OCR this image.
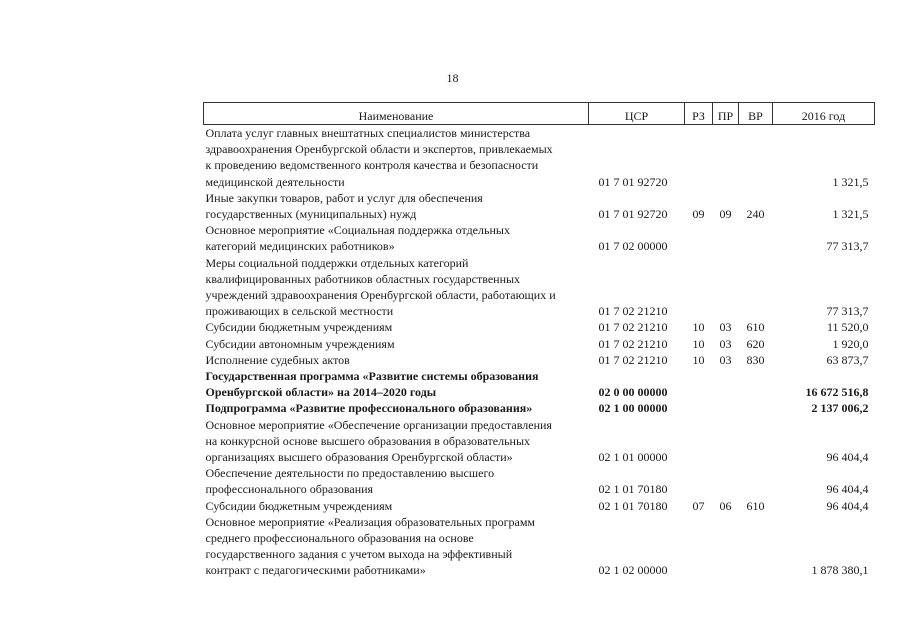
18
Наименование	ЦСР	РЗ	ПР	ВР	2016 год

Оплата услуг главных внештатных специалистов министерства
здравоохранения Оренбургской области и экспертов, привлекаемых
к проведению ведомственного контроля качества и безопасности
медицинской деятельности	01 7 01 92720				1 321,5

Иные закупки товаров, работ и услуг для обеспечения
государственных (муниципальных) нужд	01 7 01 92720	09	09	240	1 321,5

Основное мероприятие «Социальная поддержка отдельных
категорий медицинских работников»	01 7 02 00000				77 313,7

Меры социальной поддержки отдельных категорий
квалифицированных работников областных государственных
учреждений здравоохранения Оренбургской области, работающих и
проживающих в сельской местности	01 7 02 21210				77 313,7

Субсидии бюджетным учреждениям	01 7 02 21210	10	03	610	11 520,0

Субсидии автономным учреждениям	01 7 02 21210	10	03	620	1 920,0

Исполнение судебных актов	01 7 02 21210	10	03	830	63 873,7

Государственная программа «Развитие системы образования
Оренбургской области» на 2014–2020 годы	02 0 00 00000				16 672 516,8

Подпрограмма «Развитие профессионального образования»	02 1 00 00000				2 137 006,2

Основное мероприятие «Обеспечение организации предоставления
на конкурсной основе высшего образования в образовательных
организациях высшего образования Оренбургской области»	02 1 01 00000				96 404,4

Обеспечение деятельности по предоставлению высшего
профессионального образования	02 1 01 70180				96 404,4

Субсидии бюджетным учреждениям	02 1 01 70180	07	06	610	96 404,4

Основное мероприятие «Реализация образовательных программ
среднего профессионального образования на основе
государственного задания с учетом выхода на эффективный
контракт с педагогическими работниками»	02 1 02 00000				1 878 380,1
